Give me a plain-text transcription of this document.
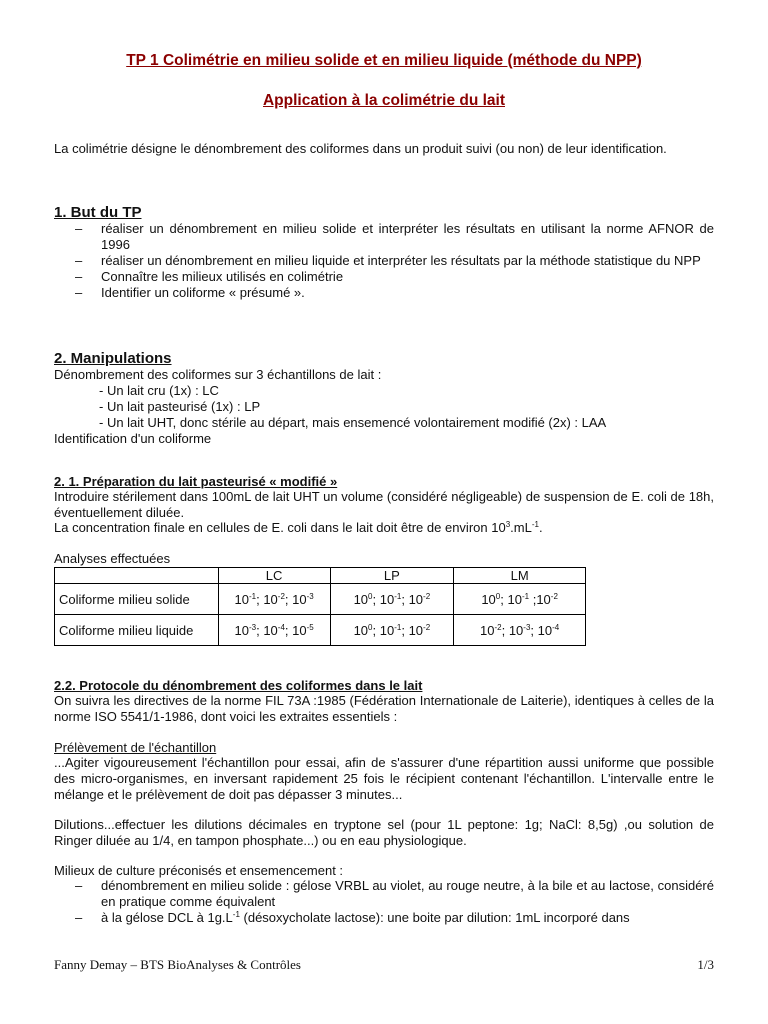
TP 1 Colimétrie en milieu solide et en milieu liquide (méthode du NPP)
Application à la colimétrie du lait
La colimétrie désigne le dénombrement des coliformes dans un produit suivi (ou non) de leur identification.
1. But du TP
– réaliser un dénombrement en milieu solide et interpréter les résultats en utilisant la norme AFNOR de 1996
– réaliser un dénombrement en milieu liquide et interpréter les résultats par la méthode statistique du NPP
– Connaître les milieux utilisés en colimétrie
– Identifier un coliforme « présumé ».
2. Manipulations
Dénombrement des coliformes sur 3 échantillons de lait :
- Un lait cru (1x) : LC
- Un lait pasteurisé (1x) : LP
- Un lait UHT, donc stérile au départ, mais ensemencé volontairement modifié (2x) : LAA
Identification d'un coliforme
2. 1. Préparation du lait pasteurisé « modifié »
Introduire stérilement dans 100mL de lait UHT un volume (considéré négligeable) de suspension de E. coli de 18h, éventuellement diluée.
La concentration finale en cellules de E. coli dans le lait doit être de environ $10^3.mL^{-1}$.
Analyses effectuées
	LC	LP	LM
Coliforme milieu solide	$10^{-1}$; $10^{-2}$; $10^{-3}$	$10^0$; $10^{-1}$; $10^{-2}$	$10^0$; $10^{-1}$ $;10^{-2}$
Coliforme milieu liquide	$10^{-3}$; $10^{-4}$; $10^{-5}$	$10^0$; $10^{-1}$; $10^{-2}$	$10^{-2}$; $10^{-3}$; $10^{-4}$
2.2. Protocole du dénombrement des coliformes dans le lait
On suivra les directives de la norme FIL 73A :1985 (Fédération Internationale de Laiterie), identiques à celles de la norme ISO 5541/1-1986, dont voici les extraites essentiels :
Prélèvement de l'échantillon
...Agiter vigoureusement l'échantillon pour essai, afin de s'assurer d'une répartition aussi uniforme que possible des micro-organismes, en inversant rapidement 25 fois le récipient contenant l'échantillon. L'intervalle entre le mélange et le prélèvement de doit pas dépasser 3 minutes...
Dilutions...effectuer les dilutions décimales en tryptone sel (pour 1L peptone: 1g; NaCl: 8,5g) ,ou solution de Ringer diluée au 1/4, en tampon phosphate...) ou en eau physiologique.
Milieux de culture préconisés et ensemencement :
– dénombrement en milieu solide : gélose VRBL au violet, au rouge neutre, à la bile et au lactose, considéré en pratique comme équivalent
– à la gélose DCL à $1g.L^{-1}$ (désoxycholate lactose): une boite par dilution: 1mL incorporé dans
Fanny Demay – BTS BioAnalyses & Contrôles	1/3
